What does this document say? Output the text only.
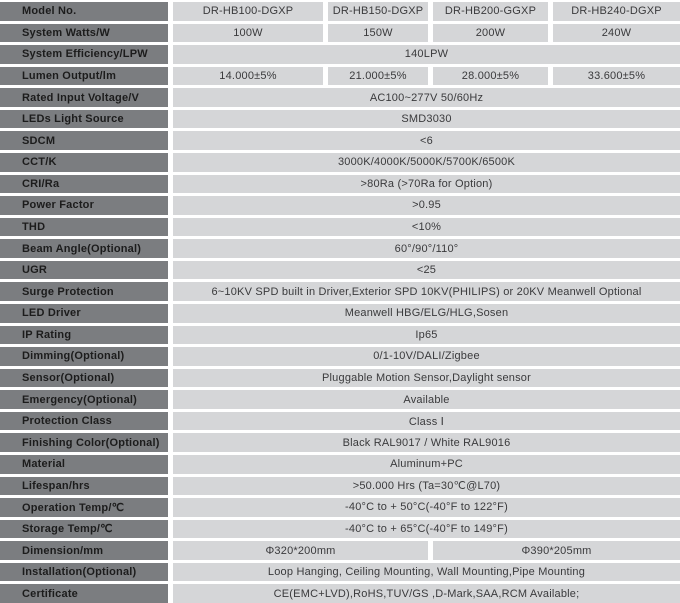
Model No.	DR-HB100-DGXP	DR-HB150-DGXP	DR-HB200-GGXP	DR-HB240-DGXP
System Watts/W	100W	150W	200W	240W
System Efficiency/LPW	140LPW
Lumen Output/lm	14.000±5%	21.000±5%	28.000±5%	33.600±5%
Rated Input Voltage/V	AC100~277V 50/60Hz
LEDs Light Source	SMD3030
SDCM	<6
CCT/K	3000K/4000K/5000K/5700K/6500K
CRI/Ra	>80Ra (>70Ra for Option)
Power Factor	>0.95
THD	<10%
Beam Angle(Optional)	60°/90°/110°
UGR	<25
Surge Protection	6~10KV SPD built in Driver,Exterior SPD 10KV(PHILIPS) or 20KV Meanwell Optional
LED Driver	Meanwell HBG/ELG/HLG,Sosen
IP Rating	Ip65
Dimming(Optional)	0/1-10V/DALI/Zigbee
Sensor(Optional)	Pluggable Motion Sensor,Daylight sensor
Emergency(Optional)	Available
Protection Class	Class Ⅰ
Finishing Color(Optional)	Black RAL9017 / White RAL9016
Material	Aluminum+PC
Lifespan/hrs	>50.000 Hrs (Ta=30℃@L70)
Operation Temp/℃	-40°C to + 50°C(-40°F to 122°F)
Storage Temp/℃	-40°C to + 65°C(-40°F to 149°F)
Dimension/mm	Φ320*200mm	Φ390*205mm
Installation(Optional)	Loop Hanging, Ceiling Mounting, Wall Mounting,Pipe Mounting
Certificate	CE(EMC+LVD),RoHS,TUV/GS ,D-Mark,SAA,RCM Available;
